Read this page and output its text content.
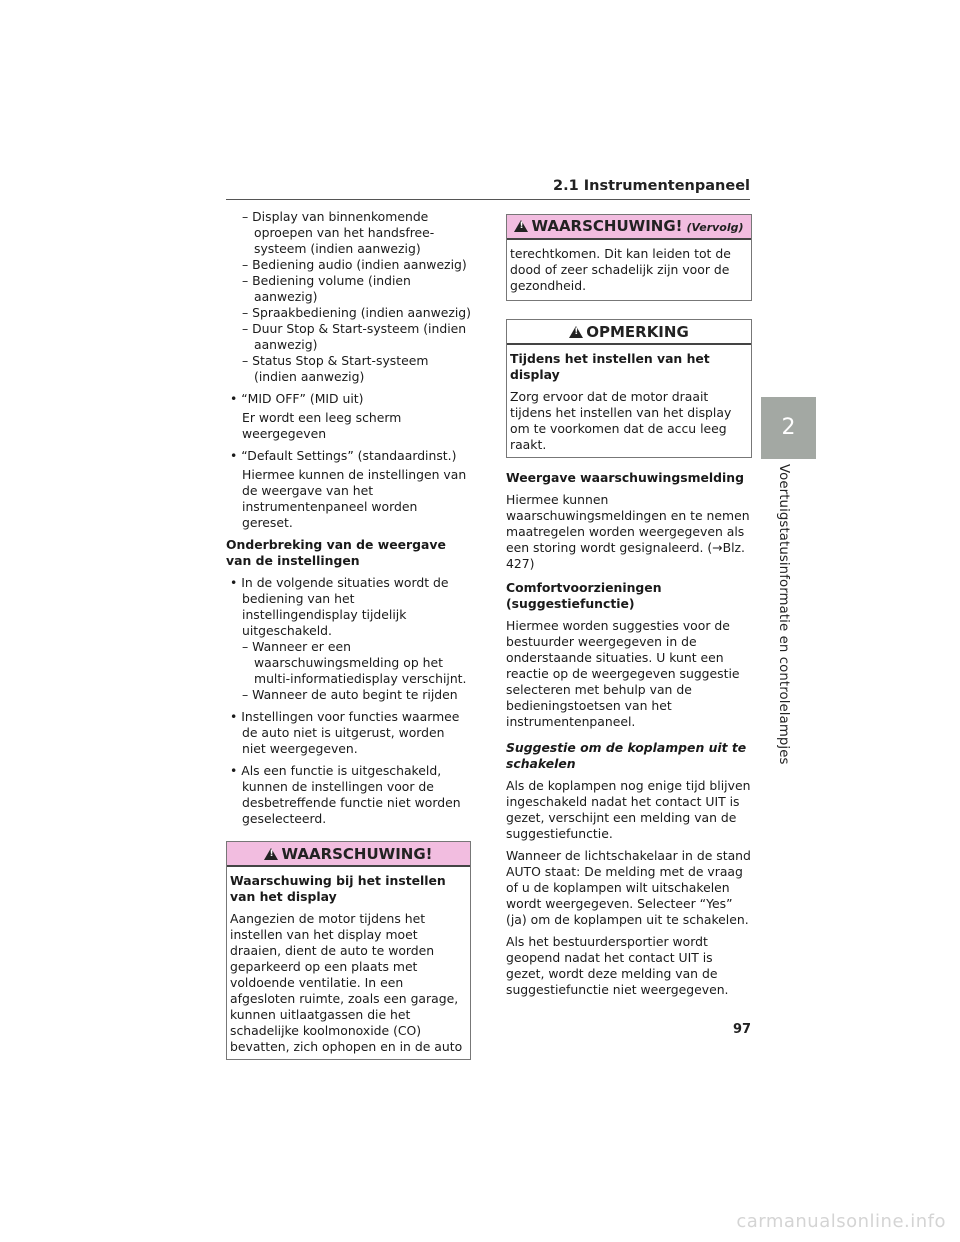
2.1 Instrumentenpaneel
2
Voertuigstatusinformatie en controlelampjes

– Display van binnenkomende oproepen van het handsfree-systeem (indien aanwezig)

– Bediening audio (indien aanwezig)

– Bediening volume (indien aanwezig)

– Spraakbediening (indien aanwezig)

– Duur Stop & Start-systeem (indien aanwezig)

– Status Stop & Start-systeem (indien aanwezig)

• “MID OFF” (MID uit)

Er wordt een leeg scherm weergegeven

• “Default Settings” (standaardinst.)

Hiermee kunnen de instellingen van de weergave van het instrumentenpaneel worden gereset.

Onderbreking van de weergave van de instellingen

• In de volgende situaties wordt de bediening van het instellingendisplay tijdelijk uitgeschakeld.

– Wanneer er een waarschuwingsmelding op het multi-informatiedisplay verschijnt.

– Wanneer de auto begint te rijden

• Instellingen voor functies waarmee de auto niet is uitgerust, worden niet weergegeven.

• Als een functie is uitgeschakeld, kunnen de instellingen voor de desbetreffende functie niet worden geselecteerd.

!WAARSCHUWING!

Waarschuwing bij het instellen van het display

Aangezien de motor tijdens het instellen van het display moet draaien, dient de auto te worden geparkeerd op een plaats met voldoende ventilatie. In een afgesloten ruimte, zoals een garage, kunnen uitlaatgassen die het schadelijke koolmonoxide (CO) bevatten, zich ophopen en in de auto

!WAARSCHUWING! (Vervolg)

terechtkomen. Dit kan leiden tot de dood of zeer schadelijk zijn voor de gezondheid.

!OPMERKING

Tijdens het instellen van het display

Zorg ervoor dat de motor draait tijdens het instellen van het display om te voorkomen dat de accu leeg raakt.

Weergave waarschuwingsmelding

Hiermee kunnen waarschuwingsmeldingen en te nemen maatregelen worden weergegeven als een storing wordt gesignaleerd. (→Blz. 427)

Comfortvoorzieningen (suggestiefunctie)

Hiermee worden suggesties voor de bestuurder weergegeven in de onderstaande situaties. U kunt een reactie op de weergegeven suggestie selecteren met behulp van de bedieningstoetsen van het instrumentenpaneel.

Suggestie om de koplampen uit te schakelen

Als de koplampen nog enige tijd blijven ingeschakeld nadat het contact UIT is gezet, verschijnt een melding van de suggestiefunctie.

Wanneer de lichtschakelaar in de stand AUTO staat: De melding met de vraag of u de koplampen wilt uitschakelen wordt weergegeven. Selecteer “Yes” (ja) om de koplampen uit te schakelen.

Als het bestuurdersportier wordt geopend nadat het contact UIT is gezet, wordt deze melding van de suggestiefunctie niet weergegeven.

97
carmanualsonline.info
